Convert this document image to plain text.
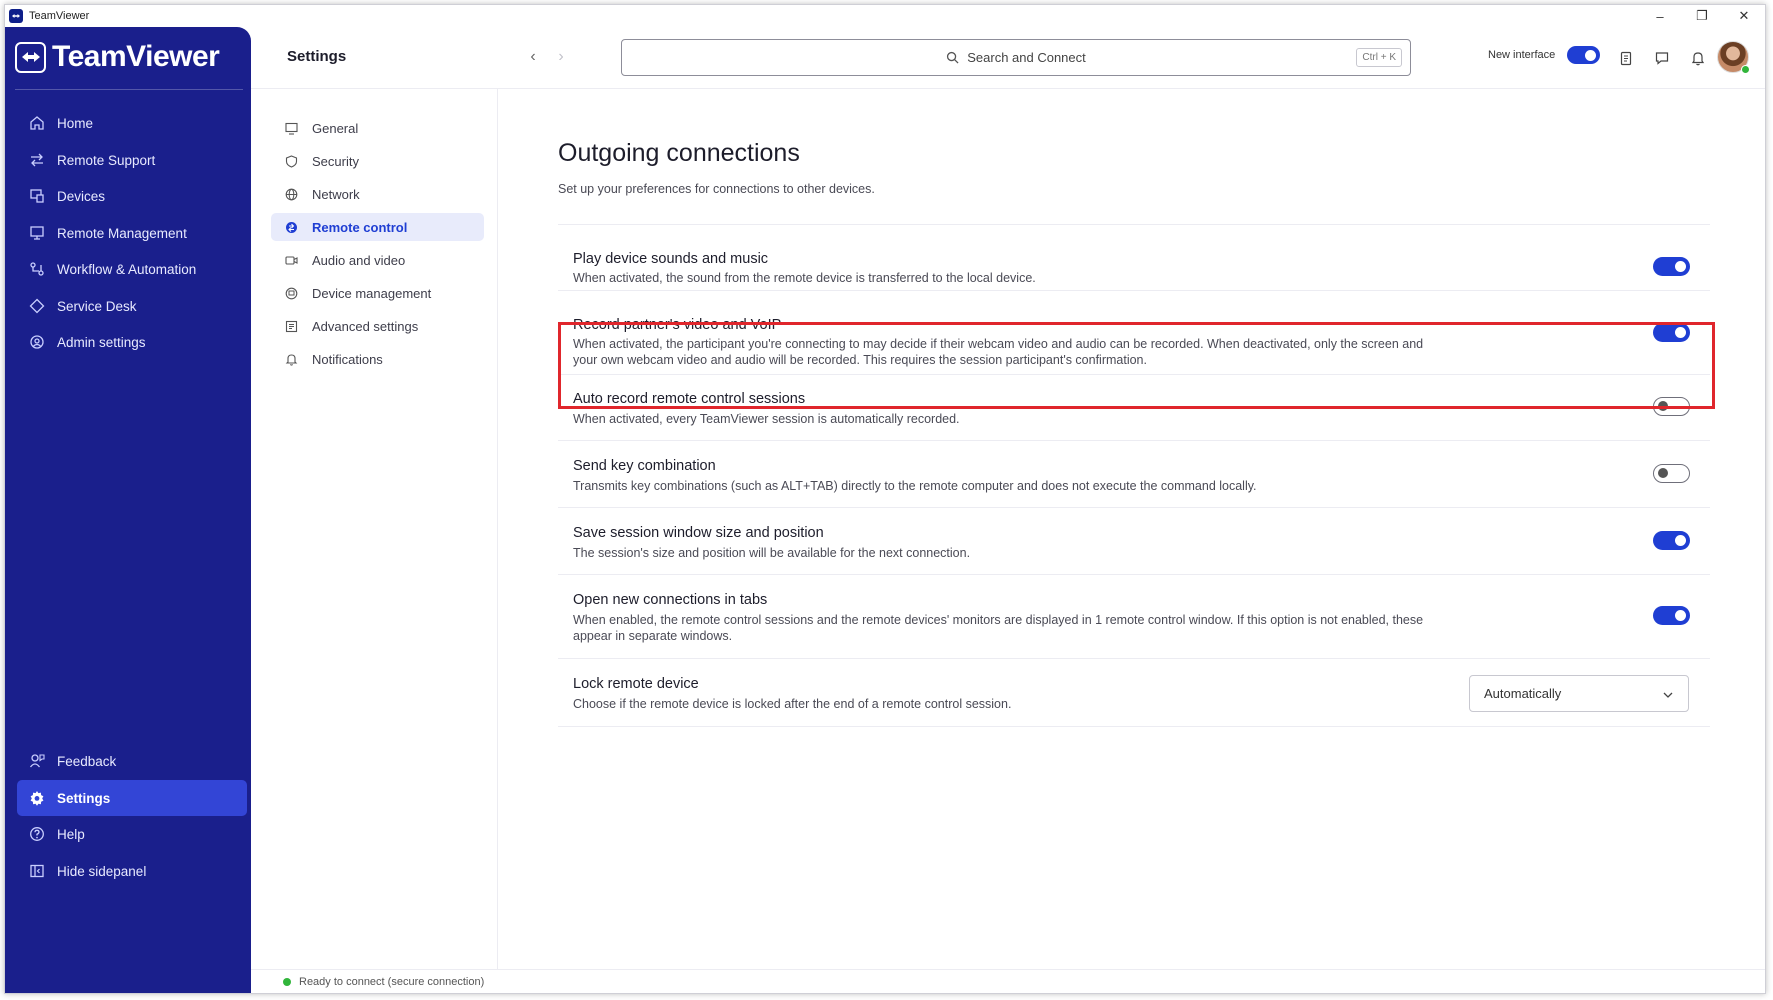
TeamViewer	–	❐	✕
TeamViewer
Home
Remote Support
Devices
Remote Management
Workflow & Automation
Service Desk
Admin settings
Feedback
Settings
Help
Hide sidepanel
Settings	‹	›	Search and Connect	Ctrl + K	New interface
General
Security
Network
Remote control
Audio and video
Device management
Advanced settings
Notifications
Outgoing connections
Set up your preferences for connections to other devices.
Play device sounds and music
When activated, the sound from the remote device is transferred to the local device.
Record partner's video and VoIP
When activated, the participant you're connecting to may decide if their webcam video and audio can be recorded. When deactivated, only the screen and your own webcam video and audio will be recorded. This requires the session participant's confirmation.
Auto record remote control sessions
When activated, every TeamViewer session is automatically recorded.
Send key combination
Transmits key combinations (such as ALT+TAB) directly to the remote computer and does not execute the command locally.
Save session window size and position
The session's size and position will be available for the next connection.
Open new connections in tabs
When enabled, the remote control sessions and the remote devices' monitors are displayed in 1 remote control window. If this option is not enabled, these appear in separate windows.
Lock remote device
Choose if the remote device is locked after the end of a remote control session.
Automatically
Ready to connect (secure connection)
